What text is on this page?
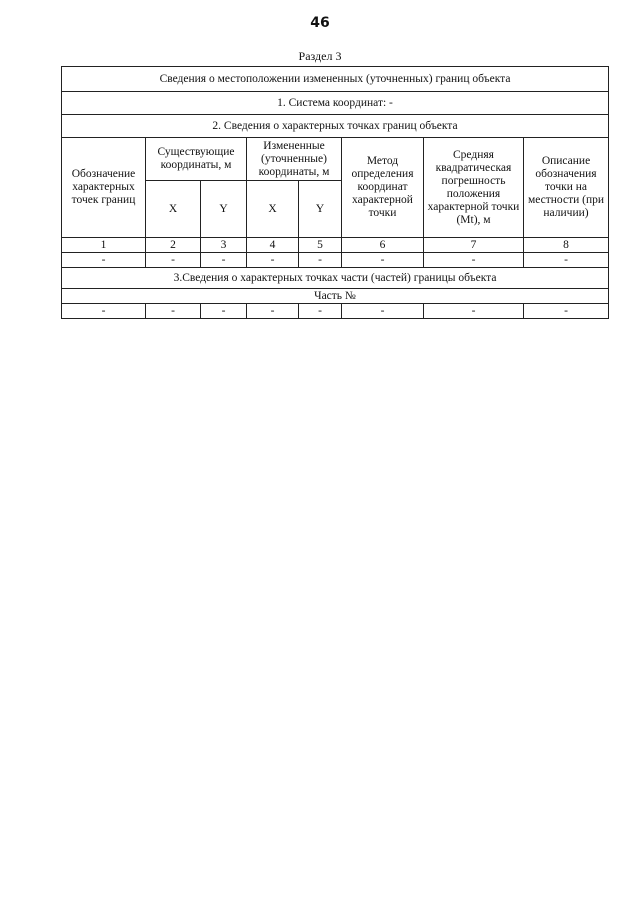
46
Раздел 3
Сведения о местоположении измененных (уточненных) границ объекта							
1. Система координат: -							
2. Сведения о характерных точках границ объекта							
Обозначение характерных точек границ	Существующие координаты, м		Измененные (уточненные) координаты, м		Метод определения координат характерной точки	Средняя квадратическая погрешность положения характерной точки (Mt), м	Описание обозначения точки на местности (при наличии)
	X	Y	X	Y			
1	2	3	4	5	6	7	8
-	-	-	-	-	-	-	-
3.Сведения о характерных точках части (частей) границы объекта							
Часть №							
-	-	-	-	-	-	-	-
